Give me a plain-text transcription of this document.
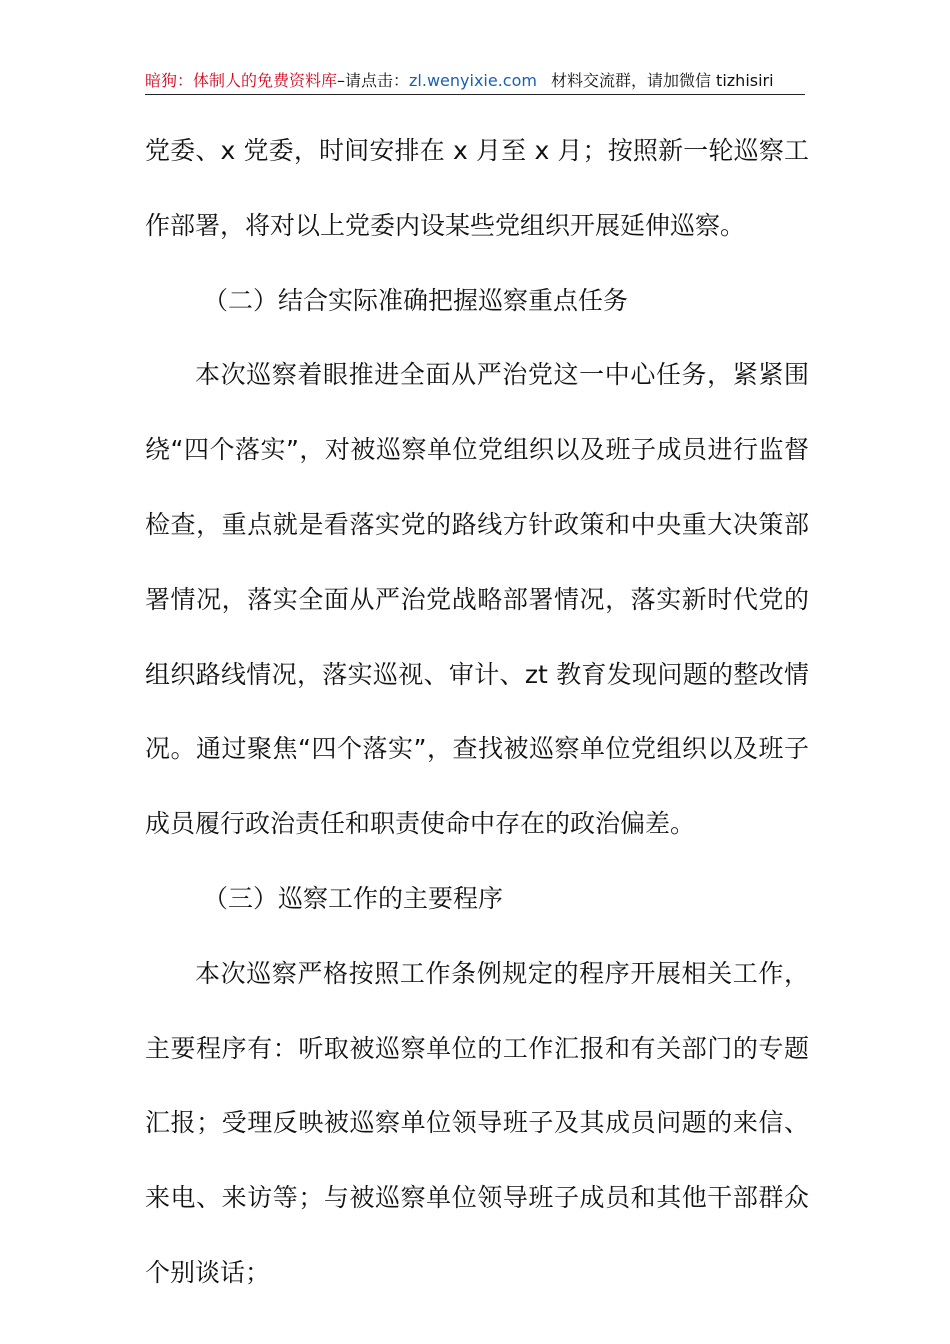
暗狗：体制人的免费资料库–请点击：zl.wenyixie.com 材料交流群，请加微信 tizhisiri

党委、x 党委，时间安排在 x 月至 x 月；按照新一轮巡察工作部署，将对以上党委内设某些党组织开展延伸巡察。

（二）结合实际准确把握巡察重点任务

本次巡察着眼推进全面从严治党这一中心任务，紧紧围绕“四个落实”，对被巡察单位党组织以及班子成员进行监督检查，重点就是看落实党的路线方针政策和中央重大决策部署情况，落实全面从严治党战略部署情况，落实新时代党的组织路线情况，落实巡视、审计、zt 教育发现问题的整改情况。通过聚焦“四个落实”，查找被巡察单位党组织以及班子成员履行政治责任和职责使命中存在的政治偏差。

（三）巡察工作的主要程序

本次巡察严格按照工作条例规定的程序开展相关工作，主要程序有：听取被巡察单位的工作汇报和有关部门的专题汇报；受理反映被巡察单位领导班子及其成员问题的来信、来电、来访等；与被巡察单位领导班子成员和其他干部群众个别谈话；
